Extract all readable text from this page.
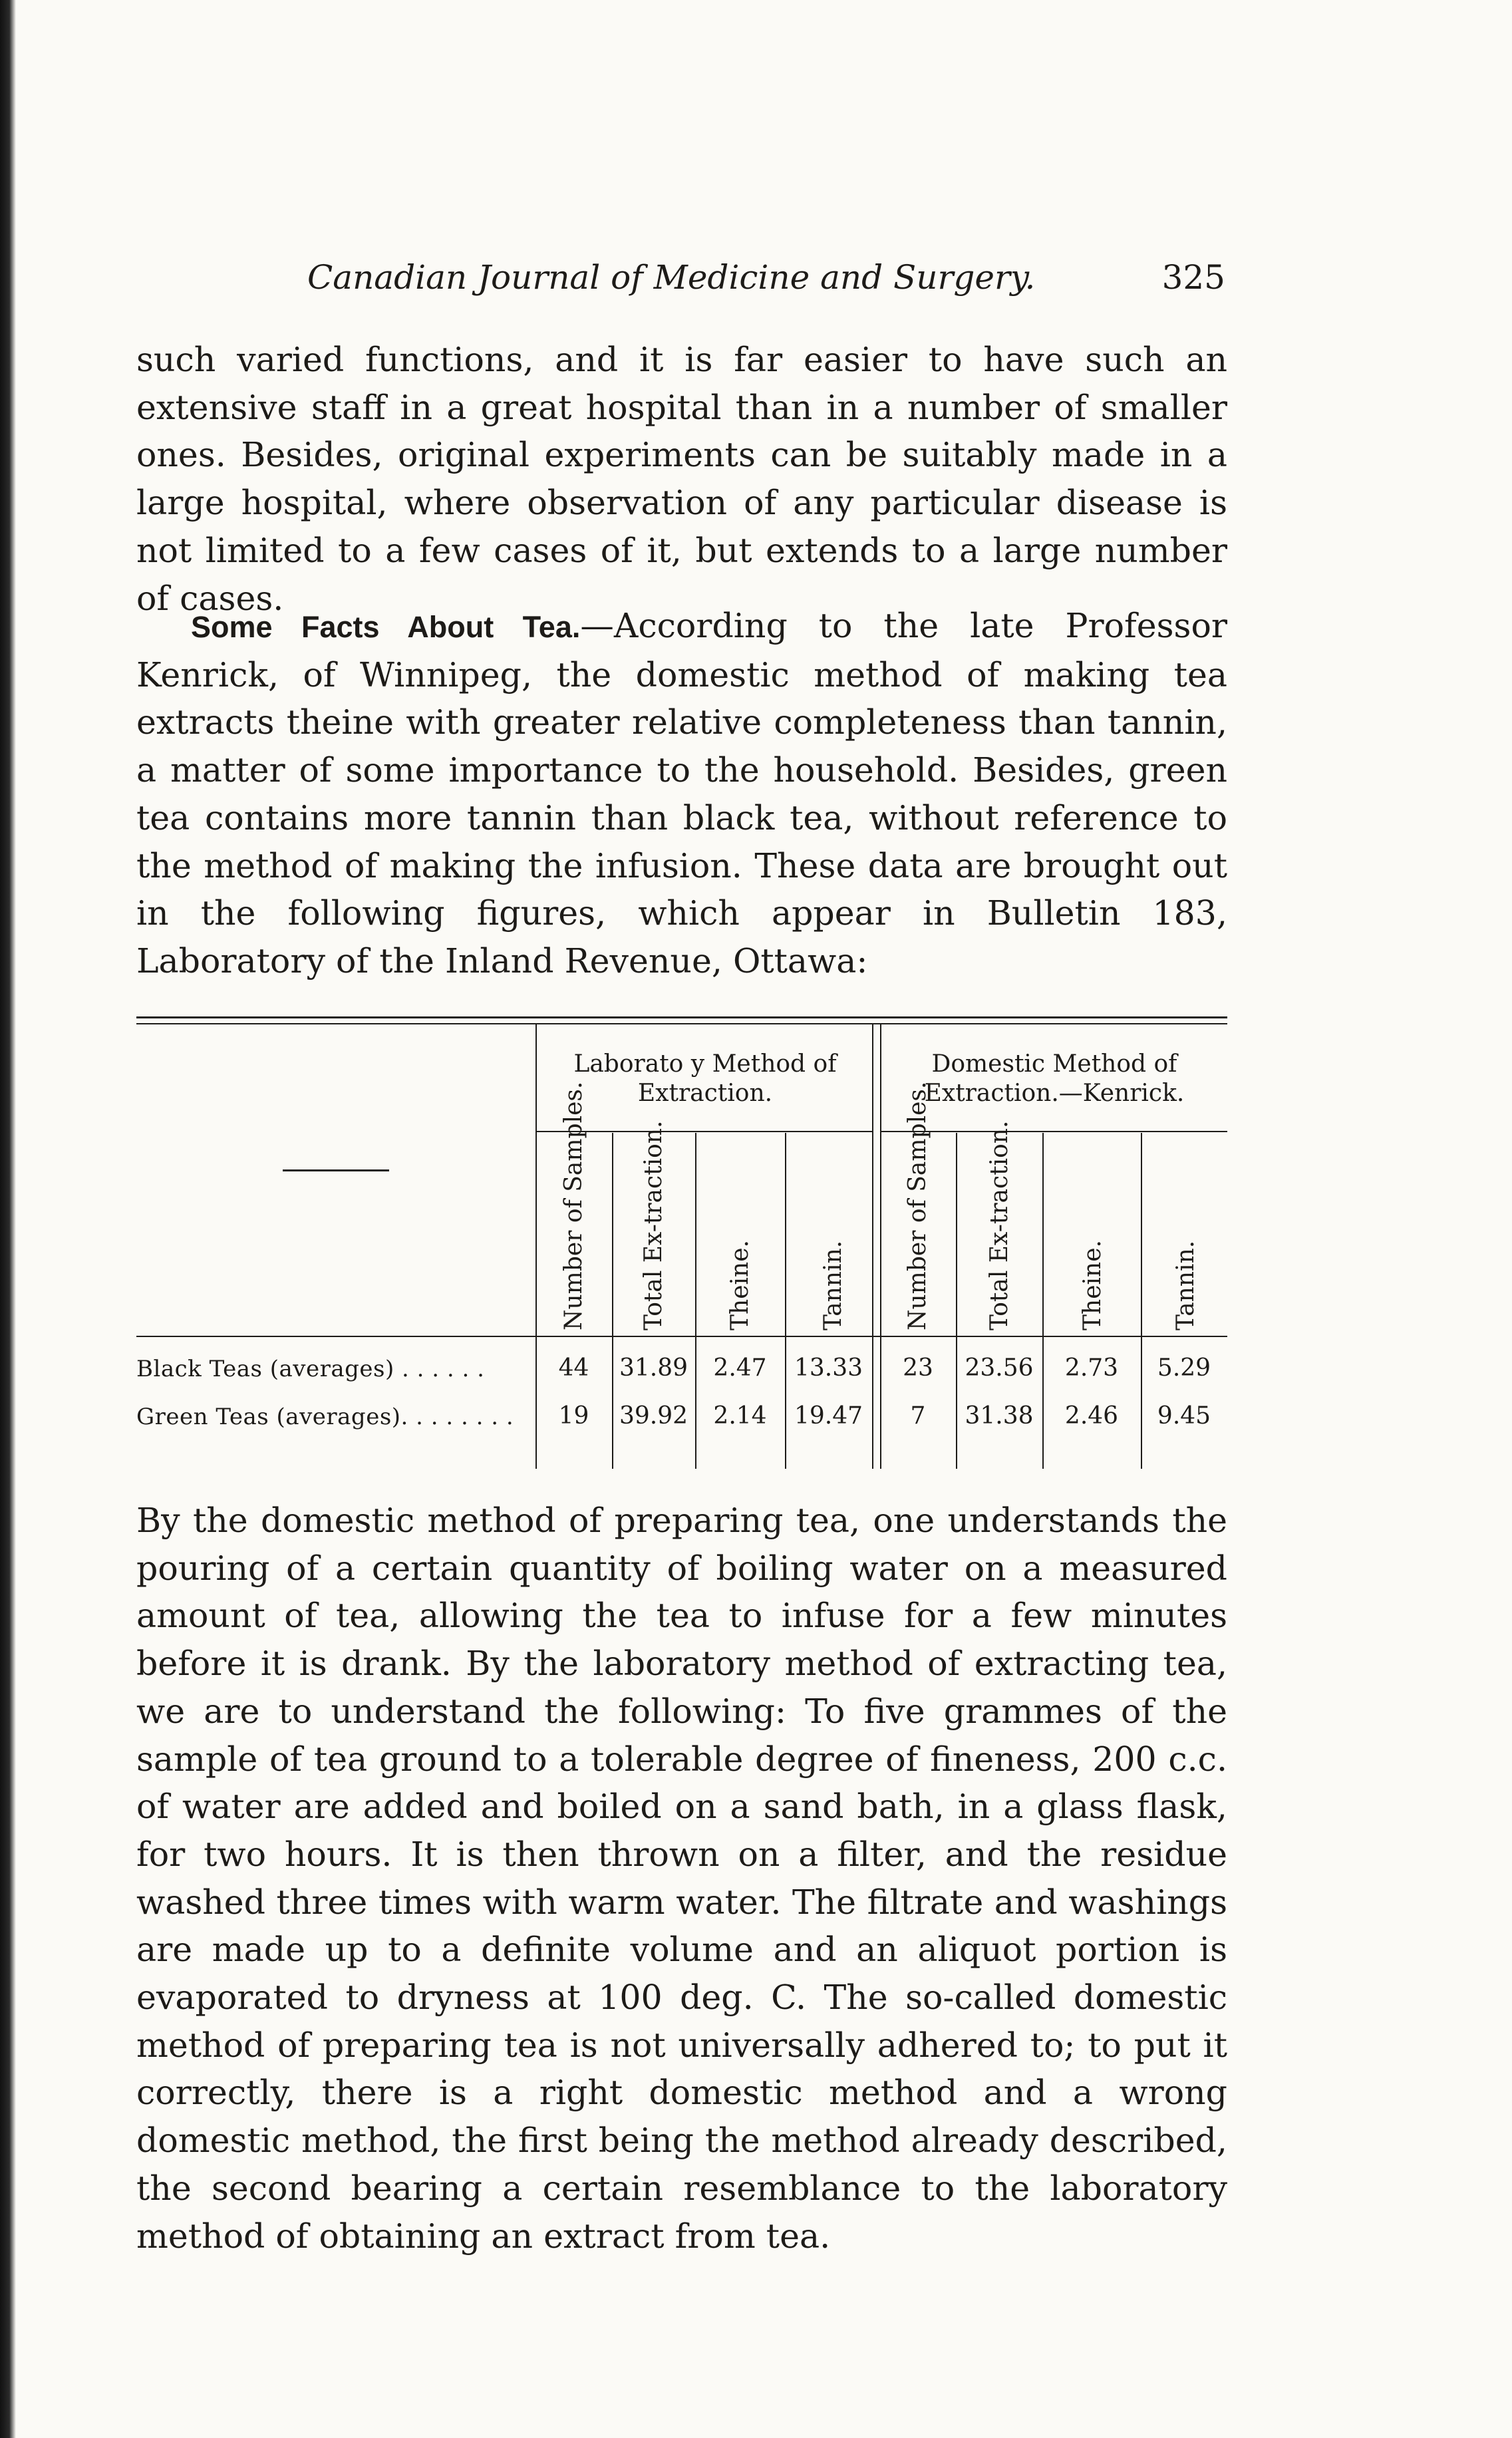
Canadian Journal of Medicine and Surgery.	325

such varied functions, and it is far easier to have such an extensive staff in a great hospital than in a number of smaller ones. Besides, original experiments can be suitably made in a large hospital, where observation of any particular disease is not limited to a few cases of it, but extends to a large number of cases.

Some Facts About Tea.—According to the late Professor Kenrick, of Winnipeg, the domestic method of making tea extracts theine with greater relative completeness than tannin, a matter of some importance to the household. Besides, green tea contains more tannin than black tea, without reference to the method of making the infusion. These data are brought out in the following figures, which appear in Bulletin 183, Laboratory of the Inland Revenue, Ottawa:

Laborato y Method of Extraction.
Domestic Method of Extraction.—Kenrick.
Number of Samples. Total Ex-traction. Theine.	Tannin. Number of Samples. Total Ex-traction.	Theine.	Tannin.
Black Teas (averages) . . . . . .	44	31.89	2.47	13.33	23	23.56	2.73	5.29
Green Teas (averages). . . . . . . .	19	39.92	2.14	19.47	7	31.38	2.46	9.45

By the domestic method of preparing tea, one understands the pouring of a certain quantity of boiling water on a measured amount of tea, allowing the tea to infuse for a few minutes before it is drank. By the laboratory method of extracting tea, we are to understand the following: To five grammes of the sample of tea ground to a tolerable degree of fineness, 200 c.c. of water are added and boiled on a sand bath, in a glass flask, for two hours. It is then thrown on a filter, and the residue washed three times with warm water. The filtrate and washings are made up to a definite volume and an aliquot portion is evaporated to dryness at 100 deg. C. The so-called domestic method of preparing tea is not universally adhered to; to put it correctly, there is a right domestic method and a wrong domestic method, the first being the method already described, the second bearing a certain resemblance to the laboratory method of obtaining an extract from tea.
